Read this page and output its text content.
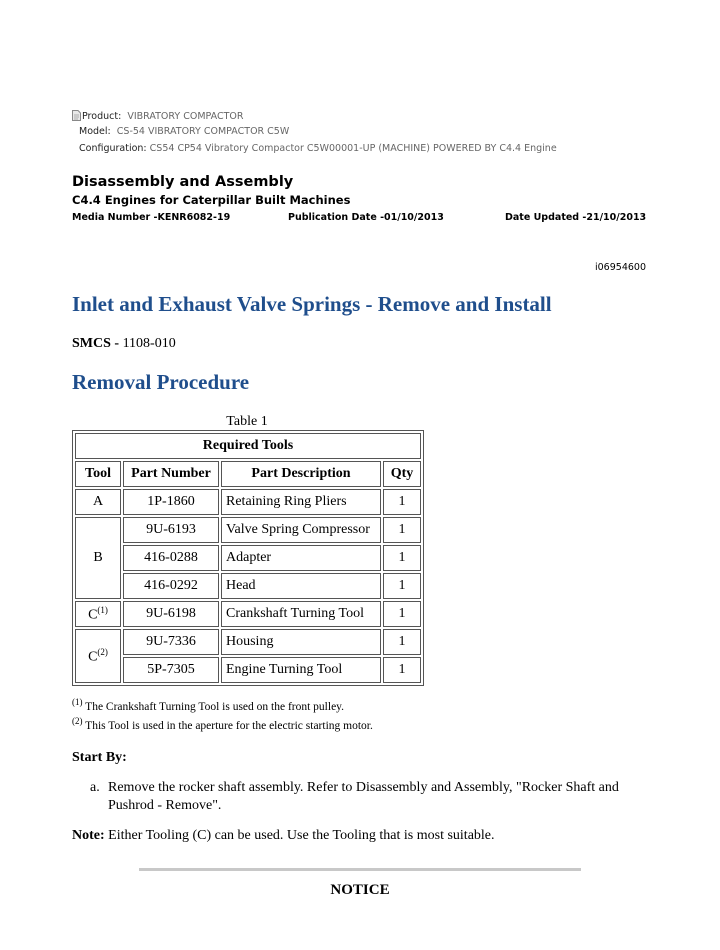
Product: VIBRATORY COMPACTOR
Model: CS-54 VIBRATORY COMPACTOR C5W
Configuration: CS54 CP54 Vibratory Compactor C5W00001-UP (MACHINE) POWERED BY C4.4 Engine
Disassembly and Assembly
C4.4 Engines for Caterpillar Built Machines
Media Number -KENR6082-19	Publication Date -01/10/2013	Date Updated -21/10/2013
i06954600
Inlet and Exhaust Valve Springs - Remove and Install
SMCS - 1108-010
Removal Procedure
Table 1
Required Tools			
Tool	Part Number	Part Description	Qty
A	1P-1860	Retaining Ring Pliers	1
B	9U-6193	Valve Spring Compressor	1
	416-0288	Adapter	1
	416-0292	Head	1
$C^{(1)}$	9U-6198	Crankshaft Turning Tool	1
$C^{(2)}$	9U-7336	Housing	1
	5P-7305	Engine Turning Tool	1
$^{(1)}$ The Crankshaft Turning Tool is used on the front pulley.
$^{(2)}$ This Tool is used in the aperture for the electric starting motor.
Start By:
a. Remove the rocker shaft assembly. Refer to Disassembly and Assembly, "Rocker Shaft and Pushrod - Remove".
Note: Either Tooling (C) can be used. Use the Tooling that is most suitable.
NOTICE
